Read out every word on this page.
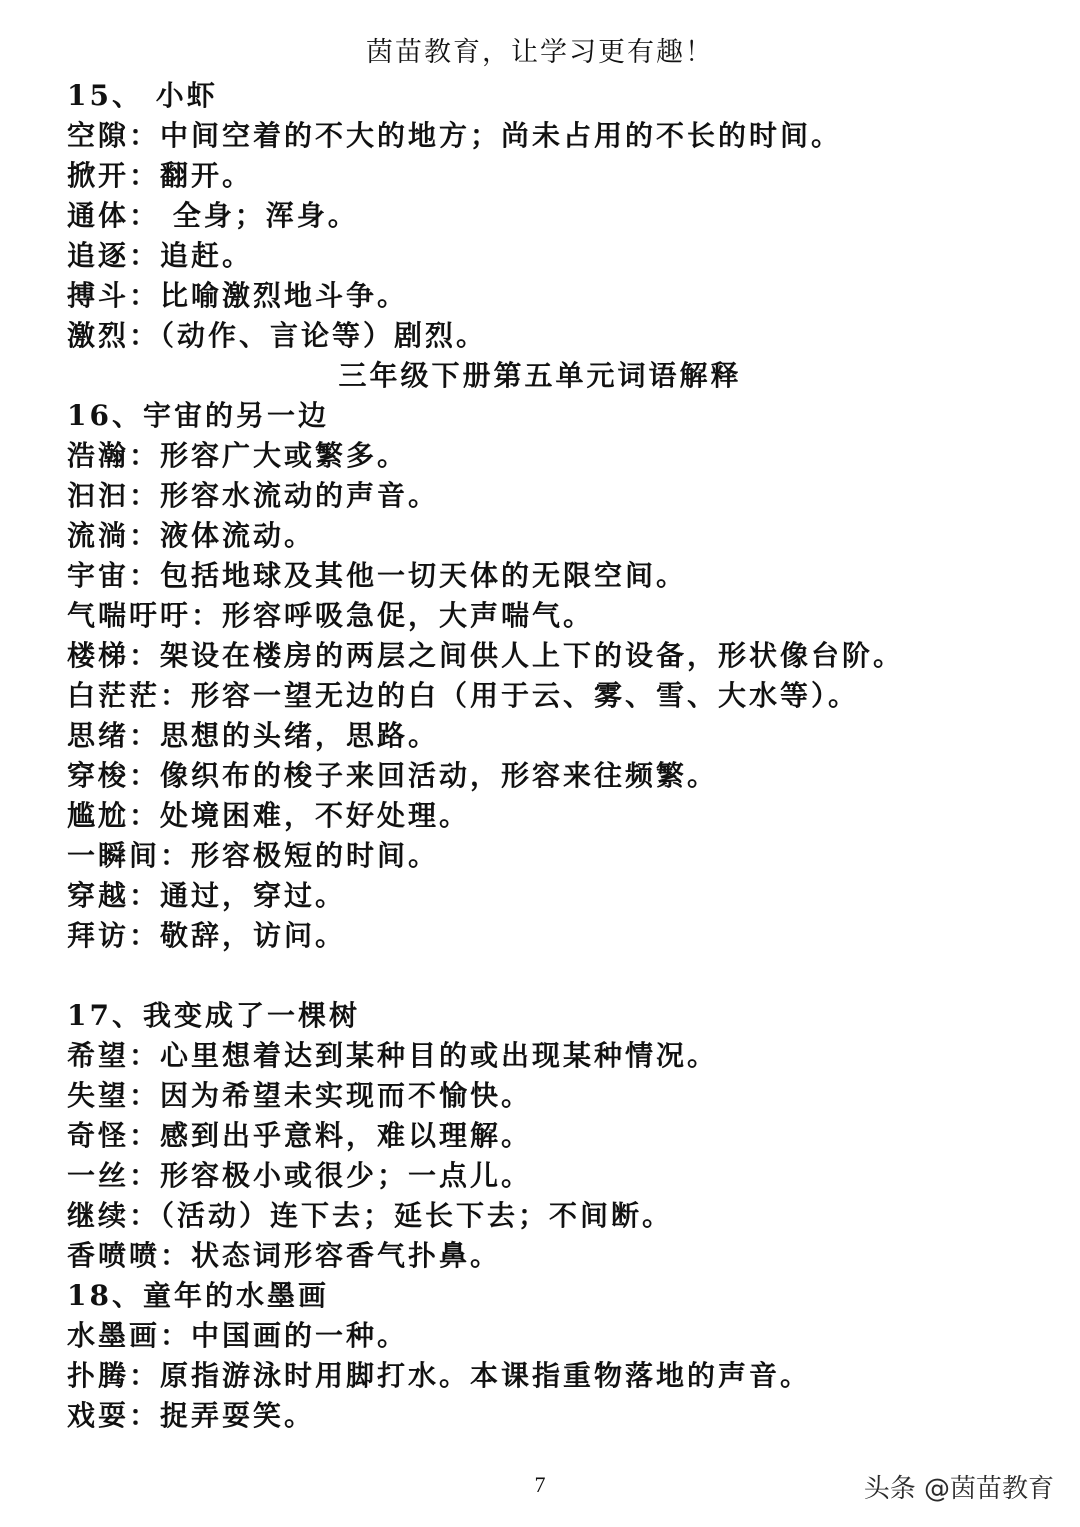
茵苗教育，让学习更有趣！
15、 小虾
空隙：中间空着的不大的地方；尚未占用的不长的时间。
掀开：翻开。
通体： 全身；浑身。
追逐：追赶。
搏斗：比喻激烈地斗争。
激烈：（动作、言论等）剧烈。
三年级下册第五单元词语解释
16、宇宙的另一边
浩瀚：形容广大或繁多。
汩汩：形容水流动的声音。
流淌：液体流动。
宇宙：包括地球及其他一切天体的无限空间。
气喘吁吁：形容呼吸急促，大声喘气。
楼梯：架设在楼房的两层之间供人上下的设备，形状像台阶。
白茫茫：形容一望无边的白（用于云、雾、雪、大水等）。
思绪：思想的头绪，思路。
穿梭：像织布的梭子来回活动，形容来往频繁。
尴尬：处境困难，不好处理。
一瞬间：形容极短的时间。
穿越：通过，穿过。
拜访：敬辞，访问。
17、我变成了一棵树
希望：心里想着达到某种目的或出现某种情况。
失望：因为希望未实现而不愉快。
奇怪：感到出乎意料，难以理解。
一丝：形容极小或很少；一点儿。
继续：（活动）连下去；延长下去；不间断。
香喷喷：状态词形容香气扑鼻。
18、童年的水墨画
水墨画：中国画的一种。
扑腾：原指游泳时用脚打水。本课指重物落地的声音。
戏耍：捉弄耍笑。
7	头条 @茵苗教育
